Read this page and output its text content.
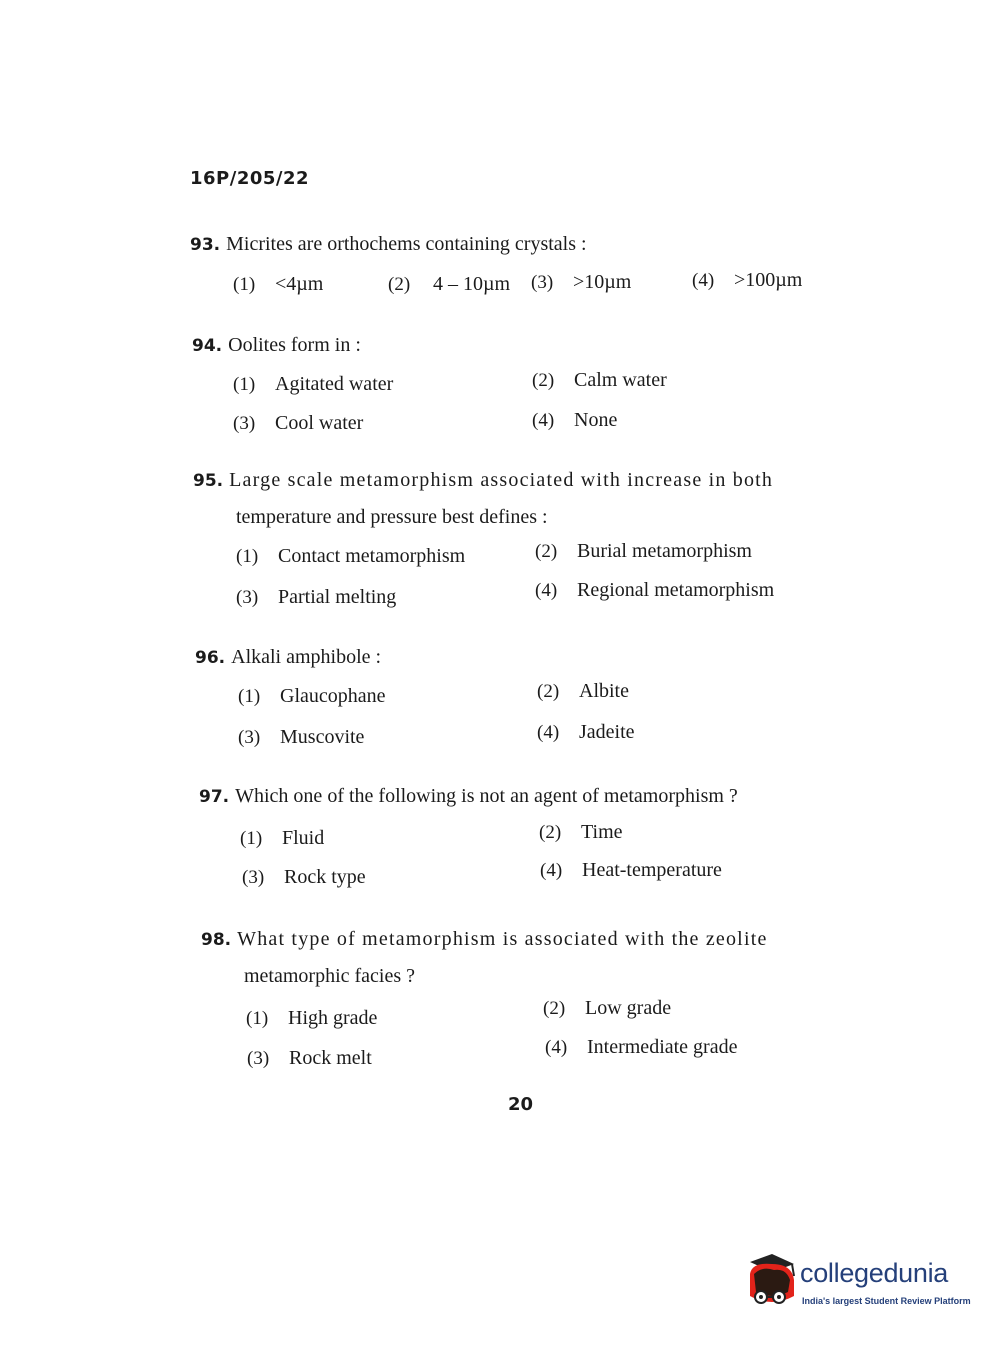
16P/205/22
93. Micrites are orthochems containing crystals :
(1) <4µm	(2) 4 – 10µm (3) >10µm	(4) >100µm
94. Oolites form in :
(1) Agitated water	(2) Calm water
(3) Cool water	(4) None
95. Large scale metamorphism associated with increase in both
temperature and pressure best defines :
(1) Contact metamorphism	(2) Burial metamorphism
(3) Partial melting	(4) Regional metamorphism
96. Alkali amphibole :
(1) Glaucophane	(2) Albite
(3) Muscovite	(4) Jadeite
97. Which one of the following is not an agent of metamorphism ?
(1) Fluid	(2) Time
(3) Rock type	(4) Heat-temperature
98. What type of metamorphism is associated with the zeolite
metamorphic facies ?
(1) High grade	(2) Low grade
(3) Rock melt	(4) Intermediate grade
20
collegedunia
India's largest Student Review Platform
